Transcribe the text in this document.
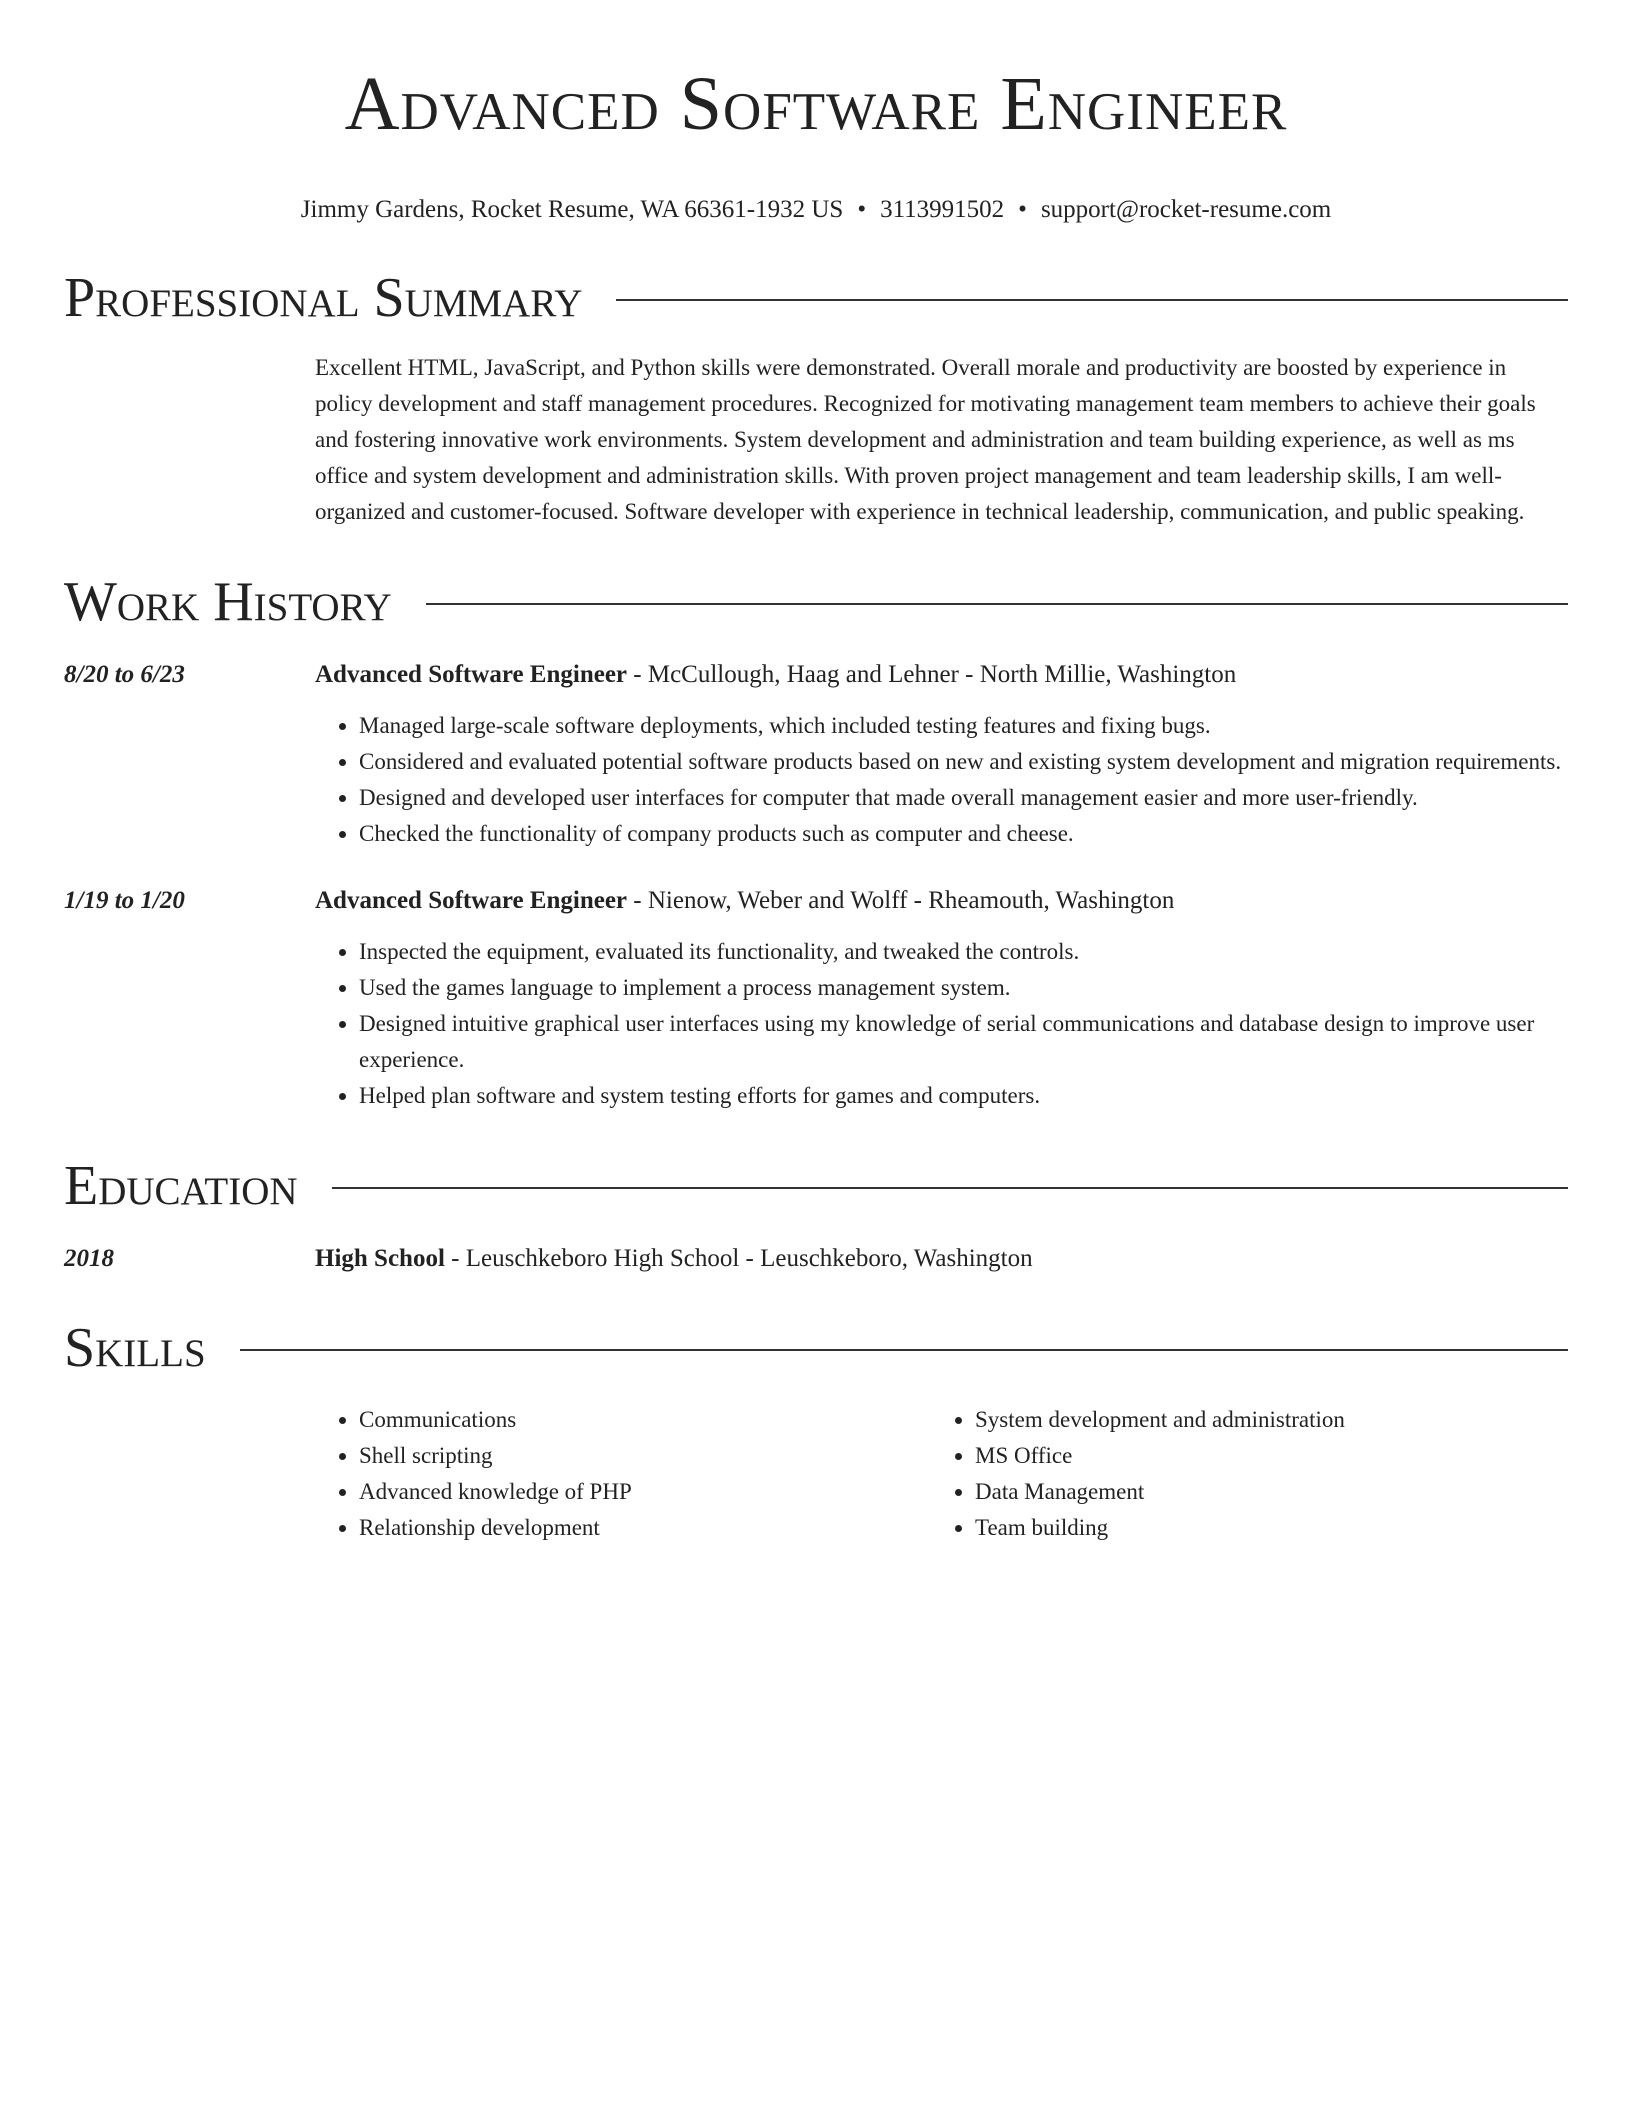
Advanced Software Engineer
Jimmy Gardens, Rocket Resume, WA 66361-1932 US • 3113991502 • support@rocket-resume.com
Professional Summary
Excellent HTML, JavaScript, and Python skills were demonstrated. Overall morale and productivity are boosted by experience in policy development and staff management procedures. Recognized for motivating management team members to achieve their goals and fostering innovative work environments. System development and administration and team building experience, as well as ms office and system development and administration skills. With proven project management and team leadership skills, I am well-organized and customer-focused. Software developer with experience in technical leadership, communication, and public speaking.
Work History
8/20 to 6/23	Advanced Software Engineer - McCullough, Haag and Lehner - North Millie, Washington
• Managed large-scale software deployments, which included testing features and fixing bugs.
• Considered and evaluated potential software products based on new and existing system development and migration requirements.
• Designed and developed user interfaces for computer that made overall management easier and more user-friendly.
• Checked the functionality of company products such as computer and cheese.
1/19 to 1/20	Advanced Software Engineer - Nienow, Weber and Wolff - Rheamouth, Washington
• Inspected the equipment, evaluated its functionality, and tweaked the controls.
• Used the games language to implement a process management system.
• Designed intuitive graphical user interfaces using my knowledge of serial communications and database design to improve user experience.
• Helped plan software and system testing efforts for games and computers.
Education
2018	High School - Leuschkeboro High School - Leuschkeboro, Washington
Skills
• Communications
• Shell scripting
• Advanced knowledge of PHP
• Relationship development
• System development and administration
• MS Office
• Data Management
• Team building
